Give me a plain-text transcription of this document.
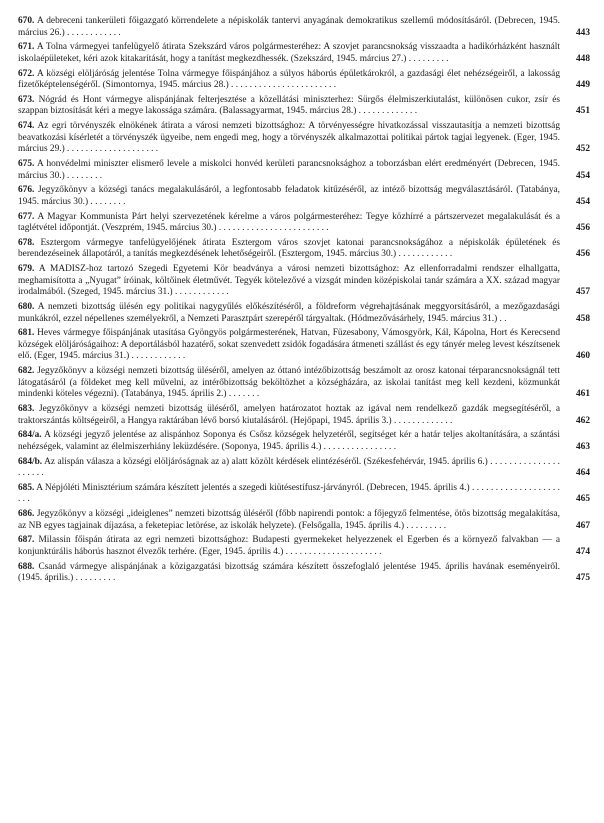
670. A debreceni tankerületi főigazgató körrendelete a népiskolák tantervi anyagának demokratikus szellemű módosításáról. (Debrecen, 1945. március 26.) . . . . . . . . . . . .	443
671. A Tolna vármegyei tanfelügyelő átirata Szekszárd város polgármesteréhez: A szovjet parancsnokság visszaadta a hadikórházként használt iskolaépületeket, kéri azok kitakarítását, hogy a tanítást megkezdhessék. (Szekszárd, 1945. március 27.) . . . . . . . . .	448
672. A községi elöljáróság jelentése Tolna vármegye főispánjához a súlyos háborús épületkárokról, a gazdasági élet nehézségeiről, a lakosság fizetőképtelenségéről. (Simontornya, 1945. március 28.) . . . . . . . . . . . . . . . . . . . . . . .	449
673. Nógrád és Hont vármegye alispánjának felterjesztése a közellátási miniszterhez: Sürgős élelmiszerkiutalást, különösen cukor, zsír és szappan biztosítását kéri a megye lakossága számára. (Balassagyarmat, 1945. március 28.) . . . . . . . . . . . . .	451
674. Az egri törvényszék elnökének átirata a városi nemzeti bizottsághoz: A törvényességre hivatkozással visszautasítja a nemzeti bizottság beavatkozási kísérletét a törvényszék ügyeibe, nem engedi meg, hogy a törvényszék alkalmazottai politikai pártok tagjai legyenek. (Eger, 1945. március 29.) . . . . . . . . . . . . . . . . . . . .	452
675. A honvédelmi miniszter elismerő levele a miskolci honvéd kerületi parancsnoksághoz a toborzásban elért eredményért (Debrecen, 1945. március 30.) . . . . . . . .	454
676. Jegyzőkönyv a községi tanács megalakulásáról, a legfontosabb feladatok kitűzéséről, az intéző bizottság megválasztásáról. (Tatabánya, 1945. március 30.) . . . . . . . .	454
677. A Magyar Kommunista Párt helyi szervezetének kérelme a város polgármesteréhez: Tegye közhírré a pártszervezet megalakulását és a taglétvétel időpontját. (Veszprém, 1945. március 30.) . . . . . . . . . . . . . . . . . . . . . . . .	456
678. Esztergom vármegye tanfelügyelőjének átirata Esztergom város szovjet katonai parancsnokságához a népiskolák épületének és berendezéseinek állapotáról, a tanítás megkezdésének lehetőségeiről. (Esztergom, 1945. március 30.) . . . . . . . . . . . .	456
679. A MADISZ-hoz tartozó Szegedi Egyetemi Kör beadványa a városi nemzeti bizottsághoz: Az ellenforradalmi rendszer elhallgatta, meghamisította a „Nyugat” íróinak, költőinek életművét. Tegyék kötelezővé a vizsgát minden középiskolai tanár számára a XX. század magyar irodalmából. (Szeged, 1945. március 31.) . . . . . . . . . . . .	457
680. A nemzeti bizottság ülésén egy politikai nagygyűlés előkészítéséről, a földreform végrehajtásának meggyorsításáról, a mezőgazdasági munkákról, ezzel népellenes személyekről, a Nemzeti Parasztpárt szerepéről tárgyaltak. (Hódmezővásárhely, 1945. március 31.) . .	458
681. Heves vármegye főispánjának utasítása Gyöngyös polgármesterének, Hatvan, Füzesabony, Vámosgyörk, Kál, Kápolna, Hort és Kerecsend községek elöljáróságaihoz: A deportálásból hazatérő, sokat szenvedett zsidók fogadására átmeneti szállást és egy tányér meleg levest készítsenek elő. (Eger, 1945. március 31.) . . . . . . . . . . . .	460
682. Jegyzőkönyv a községi nemzeti bizottság üléséről, amelyen az óttanó intézőbizottság beszámolt az orosz katonai térparancsnokságnál tett látogatásáról (a földeket meg kell művelni, az intérőbizottság beköltözhet a községházára, az iskolai tanítást meg kell kezdeni, közmunkát mindenki köteles végezni). (Tatabánya, 1945. április 2.) . . . . . . .	461
683. Jegyzőkönyv a községi nemzeti bizottság üléséről, amelyen határozatot hoztak az igával nem rendelkező gazdák megsegítéséről, a traktorszántás költségeiről, a Hangya raktárában lévő borsó kiutalásáról. (Hejőpapi, 1945. április 3.) . . . . . . . . . . . . .	462
684/a. A községi jegyző jelentése az alispánhoz Soponya és Csősz községek helyzetéről, segítséget kér a határ teljes akoltanítására, a szántási nehézségek, valamint az élelmiszerhiány leküzdésére. (Soponya, 1945. április 4.) . . . . . . . . . . . . . . . .	463
684/b. Az alispán válasza a községi elöljáróságnak az a) alatt közölt kérdések elintézéséről. (Székesfehérvár, 1945. április 6.) . . . . . . . . . . . . . . . . . . . . .	464
685. A Népjóléti Minisztérium számára készített jelentés a szegedi kiütésestífusz-járványról. (Debrecen, 1945. április 4.) . . . . . . . . . . . . . . . . . . . . . .	465
686. Jegyzőkönyv a községi „ideiglenes” nemzeti bizottság üléséről (főbb napirendi pontok: a főjegyző felmentése, ötös bizottság megalakítása, az NB egyes tagjainak díjazása, a feketepiac letörése, az iskolák helyzete). (Felsőgalla, 1945. április 4.) . . . . . . . . .	467
687. Milassin főispán átirata az egri nemzeti bizottsághoz: Budapesti gyermekeket helyezzenek el Egerben és a környező falvakban — a konjunktúrális háborús hasznot élvezők terhére. (Eger, 1945. április 4.) . . . . . . . . . . . . . . . . . . . . .	474
688. Csanád vármegye alispánjának a közigazgatási bizottság számára készített összefoglaló jelentése 1945. április havának eseményeiről. (1945. április.) . . . . . . . . .	475
